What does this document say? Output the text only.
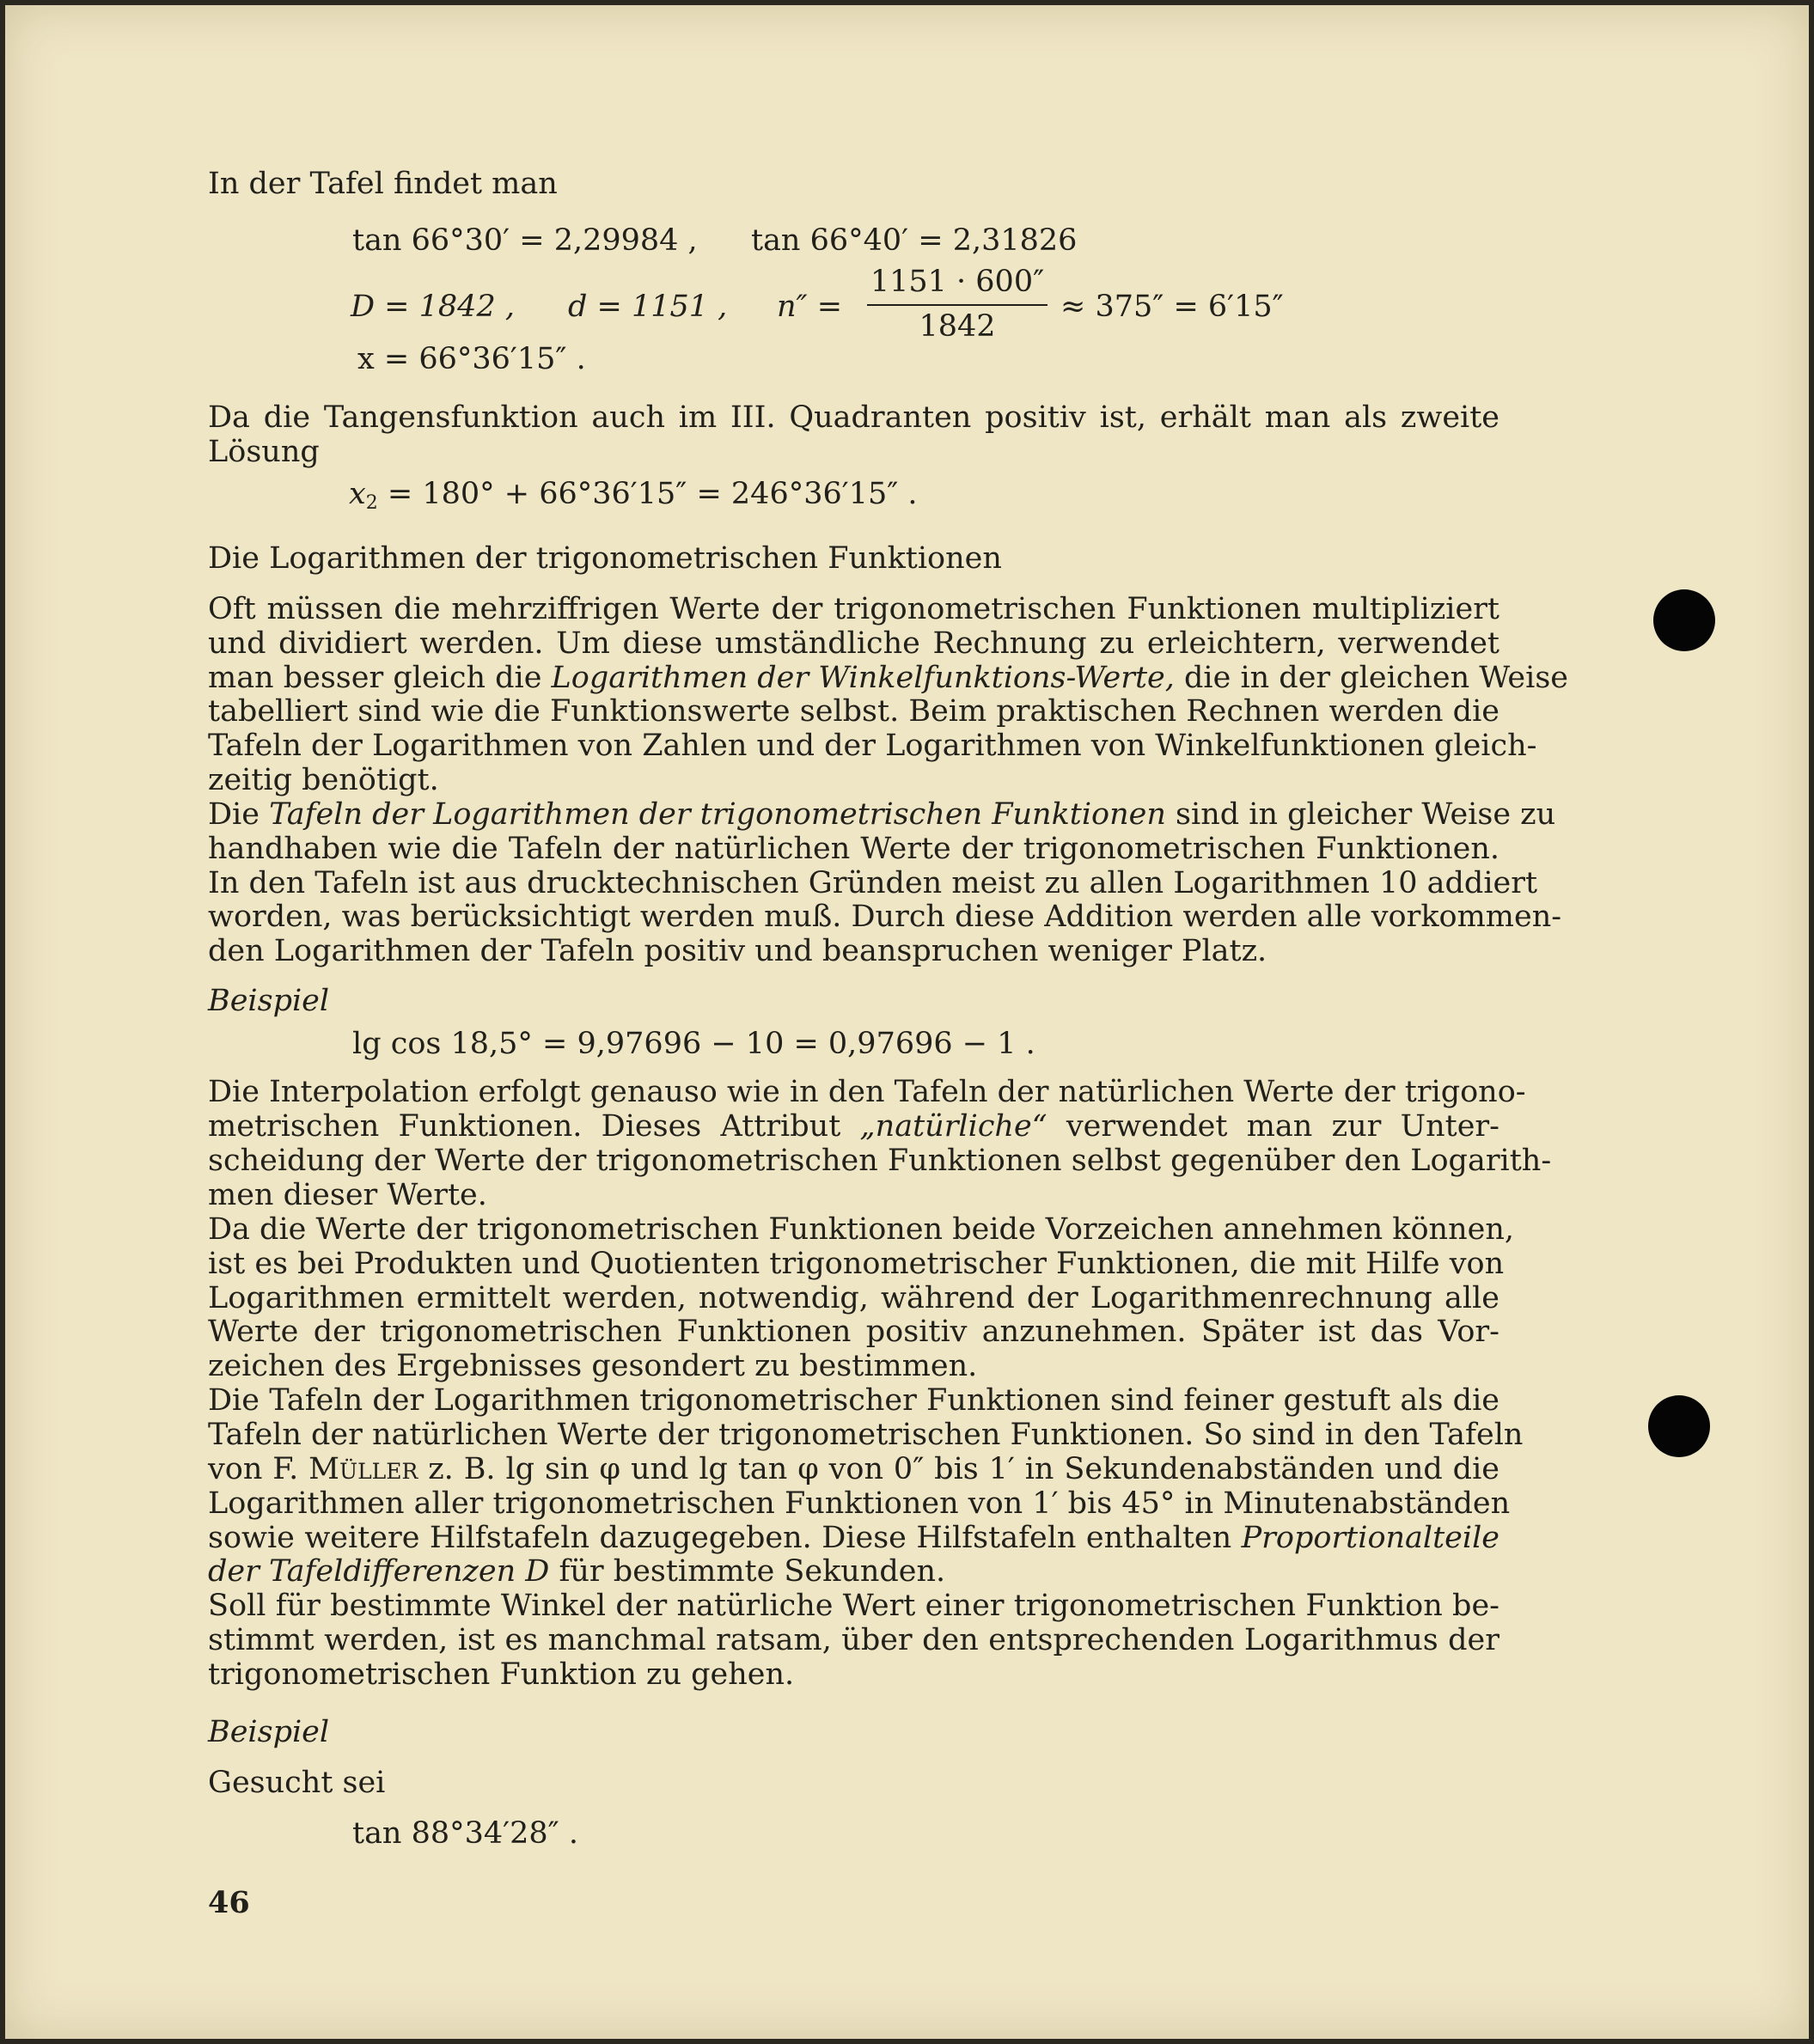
In der Tafel findet man
tan 66°30′ = 2,29984 , tan 66°40′ = 2,31826
D = 1842 , d = 1151 , n″ =
1151 · 600″
1842
≈ 375″ = 6′15″
x = 66°36′15″ .
Da die Tangensfunktion auch im III. Quadranten positiv ist, erhält man als zweite
Lösung
$x_2 = 180^\circ + 66^\circ 36'15'' = 246^\circ 36'15''$ .
Die Logarithmen der trigonometrischen Funktionen
Oft müssen die mehrziffrigen Werte der trigonometrischen Funktionen multipliziert
und dividiert werden. Um diese umständliche Rechnung zu erleichtern, verwendet
man besser gleich die Logarithmen der Winkelfunktions-Werte, die in der gleichen Weise
tabelliert sind wie die Funktionswerte selbst. Beim praktischen Rechnen werden die
Tafeln der Logarithmen von Zahlen und der Logarithmen von Winkelfunktionen gleich-
zeitig benötigt.
Die Tafeln der Logarithmen der trigonometrischen Funktionen sind in gleicher Weise zu
handhaben wie die Tafeln der natürlichen Werte der trigonometrischen Funktionen.
In den Tafeln ist aus drucktechnischen Gründen meist zu allen Logarithmen 10 addiert
worden, was berücksichtigt werden muß. Durch diese Addition werden alle vorkommen-
den Logarithmen der Tafeln positiv und beanspruchen weniger Platz.
Beispiel
lg cos 18,5° = 9,97696 − 10 = 0,97696 − 1 .
Die Interpolation erfolgt genauso wie in den Tafeln der natürlichen Werte der trigono-
metrischen Funktionen. Dieses Attribut „natürliche“ verwendet man zur Unter-
scheidung der Werte der trigonometrischen Funktionen selbst gegenüber den Logarith-
men dieser Werte.
Da die Werte der trigonometrischen Funktionen beide Vorzeichen annehmen können,
ist es bei Produkten und Quotienten trigonometrischer Funktionen, die mit Hilfe von
Logarithmen ermittelt werden, notwendig, während der Logarithmenrechnung alle
Werte der trigonometrischen Funktionen positiv anzunehmen. Später ist das Vor-
zeichen des Ergebnisses gesondert zu bestimmen.
Die Tafeln der Logarithmen trigonometrischer Funktionen sind feiner gestuft als die
Tafeln der natürlichen Werte der trigonometrischen Funktionen. So sind in den Tafeln
von F. Müller z. B. lg sin φ und lg tan φ von 0″ bis 1′ in Sekundenabständen und die
Logarithmen aller trigonometrischen Funktionen von 1′ bis 45° in Minutenabständen
sowie weitere Hilfstafeln dazugegeben. Diese Hilfstafeln enthalten Proportionalteile
der Tafeldifferenzen D für bestimmte Sekunden.
Soll für bestimmte Winkel der natürliche Wert einer trigonometrischen Funktion be-
stimmt werden, ist es manchmal ratsam, über den entsprechenden Logarithmus der
trigonometrischen Funktion zu gehen.
Beispiel
Gesucht sei
tan 88°34′28″ .
46
